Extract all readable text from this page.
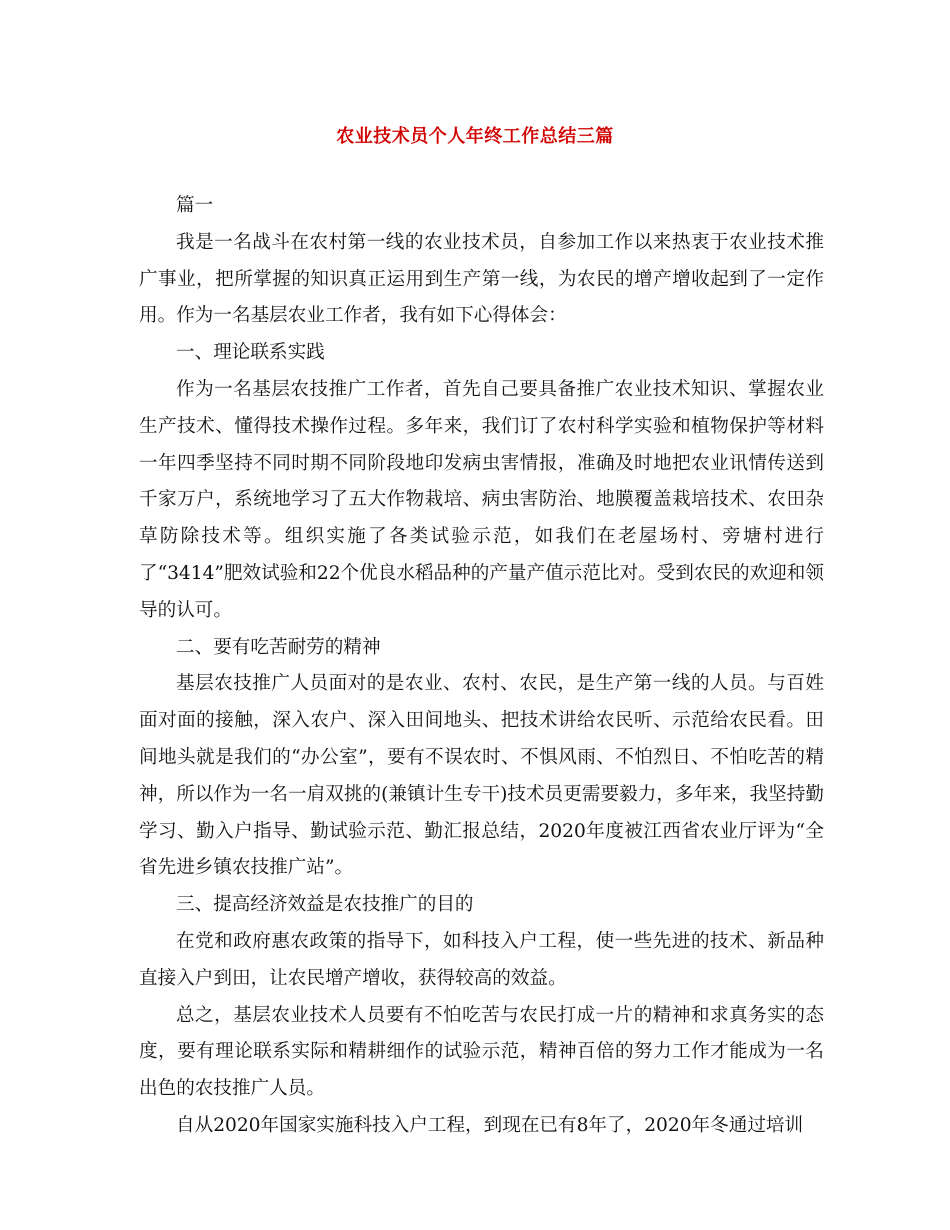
农业技术员个人年终工作总结三篇

篇一

我是一名战斗在农村第一线的农业技术员，自参加工作以来热衷于农业技术推广事业，把所掌握的知识真正运用到生产第一线，为农民的增产增收起到了一定作用。作为一名基层农业工作者，我有如下心得体会：

一、理论联系实践

作为一名基层农技推广工作者，首先自己要具备推广农业技术知识、掌握农业生产技术、懂得技术操作过程。多年来，我们订了农村科学实验和植物保护等材料一年四季坚持不同时期不同阶段地印发病虫害情报，准确及时地把农业讯情传送到千家万户，系统地学习了五大作物栽培、病虫害防治、地膜覆盖栽培技术、农田杂草防除技术等。组织实施了各类试验示范，如我们在老屋场村、旁塘村进行了“3414”肥效试验和22个优良水稻品种的产量产值示范比对。受到农民的欢迎和领导的认可。

二、要有吃苦耐劳的精神

基层农技推广人员面对的是农业、农村、农民，是生产第一线的人员。与百姓面对面的接触，深入农户、深入田间地头、把技术讲给农民听、示范给农民看。田间地头就是我们的“办公室”，要有不误农时、不惧风雨、不怕烈日、不怕吃苦的精神，所以作为一名一肩双挑的(兼镇计生专干)技术员更需要毅力，多年来，我坚持勤学习、勤入户指导、勤试验示范、勤汇报总结，2020年度被江西省农业厅评为“全省先进乡镇农技推广站”。

三、提高经济效益是农技推广的目的

在党和政府惠农政策的指导下，如科技入户工程，使一些先进的技术、新品种直接入户到田，让农民增产增收，获得较高的效益。

总之，基层农业技术人员要有不怕吃苦与农民打成一片的精神和求真务实的态度，要有理论联系实际和精耕细作的试验示范，精神百倍的努力工作才能成为一名出色的农技推广人员。

自从2020年国家实施科技入户工程，到现在已有8年了，2020年冬通过培训
